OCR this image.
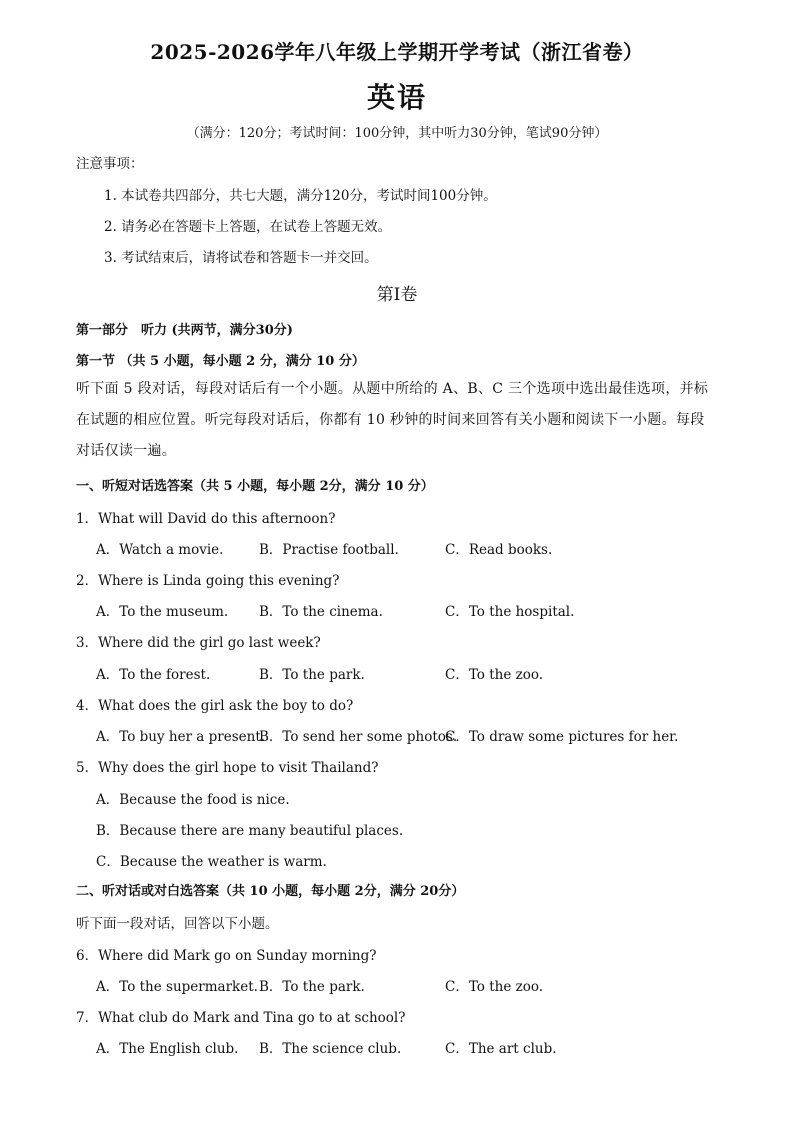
2025-2026学年八年级上学期开学考试（浙江省卷）
英语
（满分：120分；考试时间：100分钟，其中听力30分钟，笔试90分钟）
注意事项：
1. 本试卷共四部分，共七大题，满分120分，考试时间100分钟。
2. 请务必在答题卡上答题，在试卷上答题无效。
3. 考试结束后，请将试卷和答题卡一并交回。
第Ⅰ卷
第一部分　听力 (共两节，满分30分)
第一节 （共 5 小题，每小题 2 分，满分 10 分）
听下面 5 段对话，每段对话后有一个小题。从题中所给的 A、B、C 三个选项中选出最佳选项，并标在试题的相应位置。听完每段对话后，你都有 10 秒钟的时间来回答有关小题和阅读下一小题。每段对话仅读一遍。
一、听短对话选答案（共 5 小题，每小题 2分，满分 10 分）
1．What will David do this afternoon?
A．Watch a movie.	B．Practise football.	C．Read books.
2．Where is Linda going this evening?
A．To the museum. B．To the cinema.	C．To the hospital.
3．Where did the girl go last week?
A．To the forest.	B．To the park.	C．To the zoo.
4．What does the girl ask the boy to do?
A．To buy her a present.
B．To send her some photos.
C．To draw some pictures for her.
5．Why does the girl hope to visit Thailand?
A．Because the food is nice.
B．Because there are many beautiful places.
C．Because the weather is warm.
二、听对话或对白选答案（共 10 小题，每小题 2分，满分 20分）
听下面一段对话，回答以下小题。
6．Where did Mark go on Sunday morning?
A．To the supermarket. B．To the park.	C．To the zoo.
7．What club do Mark and Tina go to at school?
A．The English club. B．The science club.	C．The art club.
